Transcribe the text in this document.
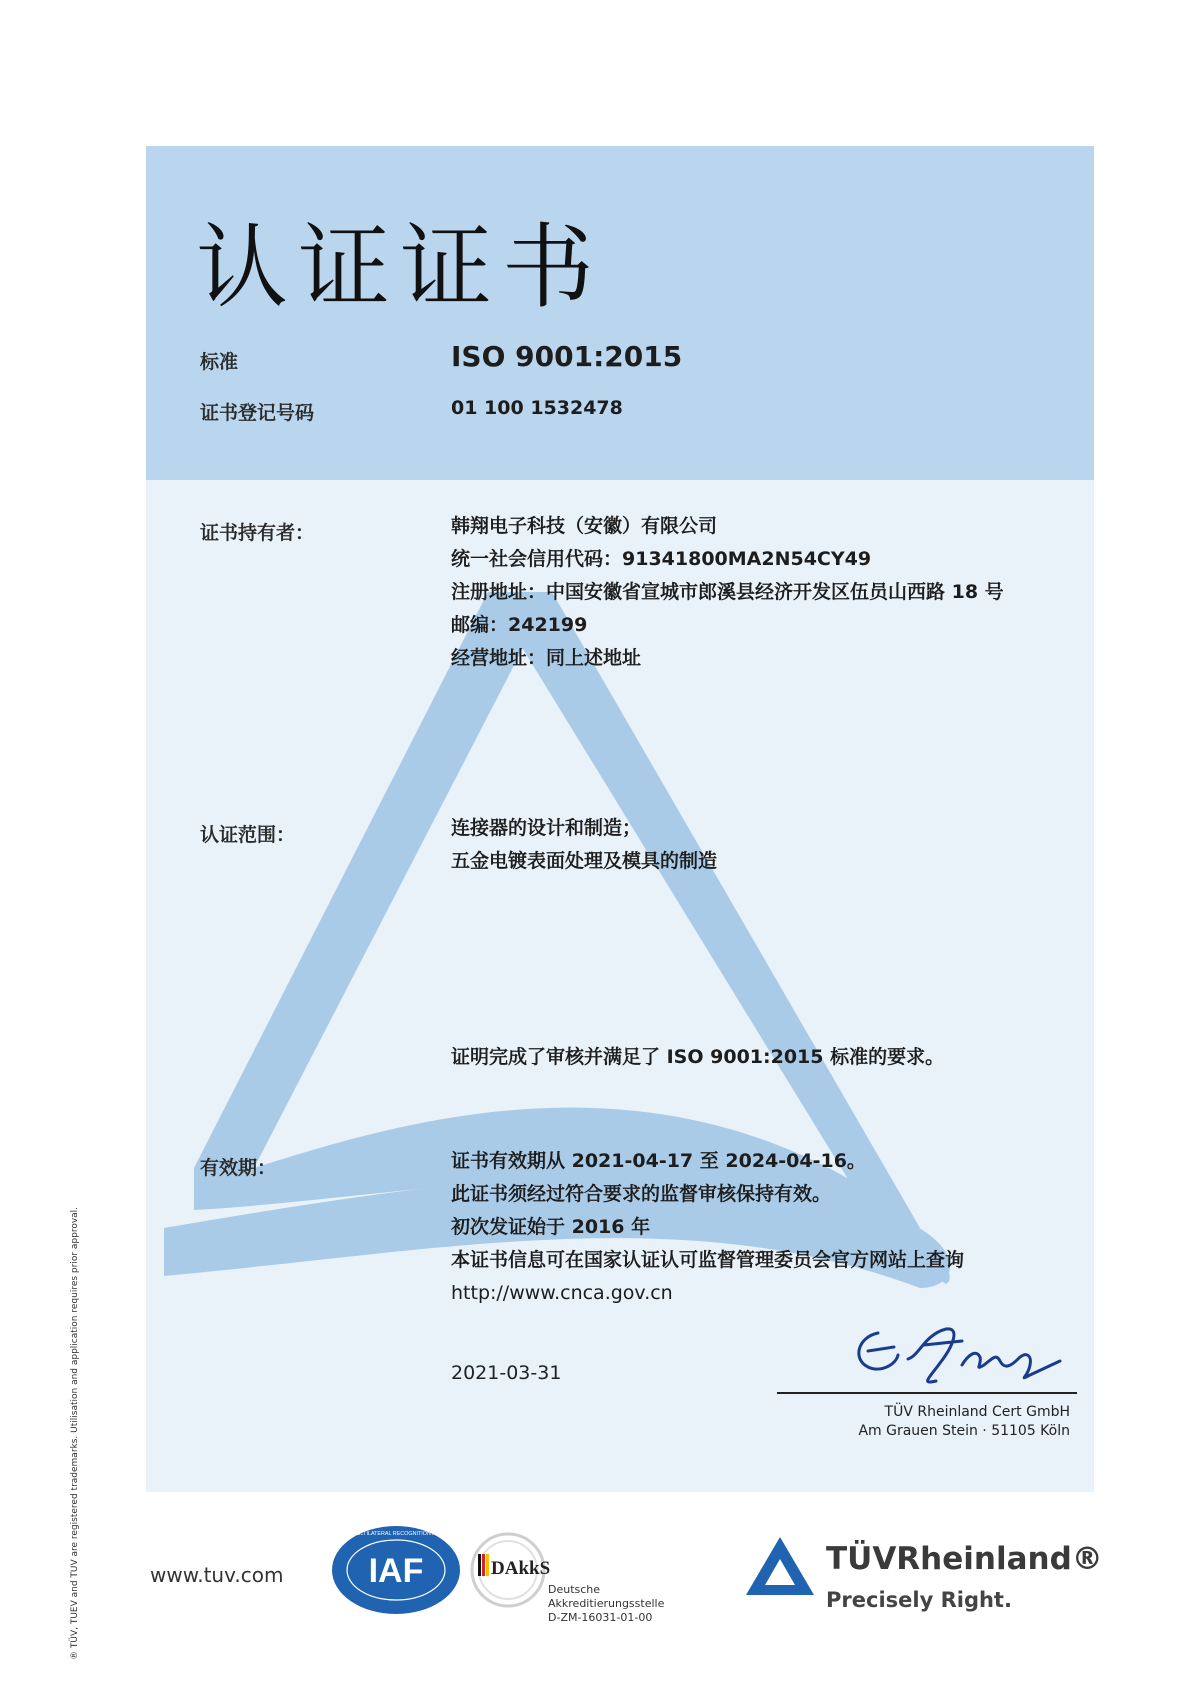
认证证书
标准	ISO 9001:2015
证书登记号码	01 100 1532478
证书持有者：	韩翔电子科技（安徽）有限公司
统一社会信用代码：91341800MA2N54CY49
注册地址：中国安徽省宣城市郎溪县经济开发区伍员山西路 18 号
邮编：242199
经营地址：同上述地址
认证范围：	连接器的设计和制造；
五金电镀表面处理及模具的制造
证明完成了审核并满足了 ISO 9001:2015 标准的要求。
有效期：	证书有效期从 2021-04-17 至 2024-04-16。
此证书须经过符合要求的监督审核保持有效。
初次发证始于 2016 年
本证书信息可在国家认证认可监督管理委员会官方网站上查询
http://www.cnca.gov.cn
2021-03-31
TÜV Rheinland Cert GmbH
Am Grauen Stein · 51105 Köln
www.tuv.com	IAF
MEMBER OF MULTILATERAL RECOGNITION ARRANGEMENT
DAkkS
Deutsche
Akkreditierungsstelle
D-ZM-16031-01-00
TÜVRheinland®
Precisely Right.
® TÜV, TUEV and TUV are registered trademarks. Utilisation and application requires prior approval.
